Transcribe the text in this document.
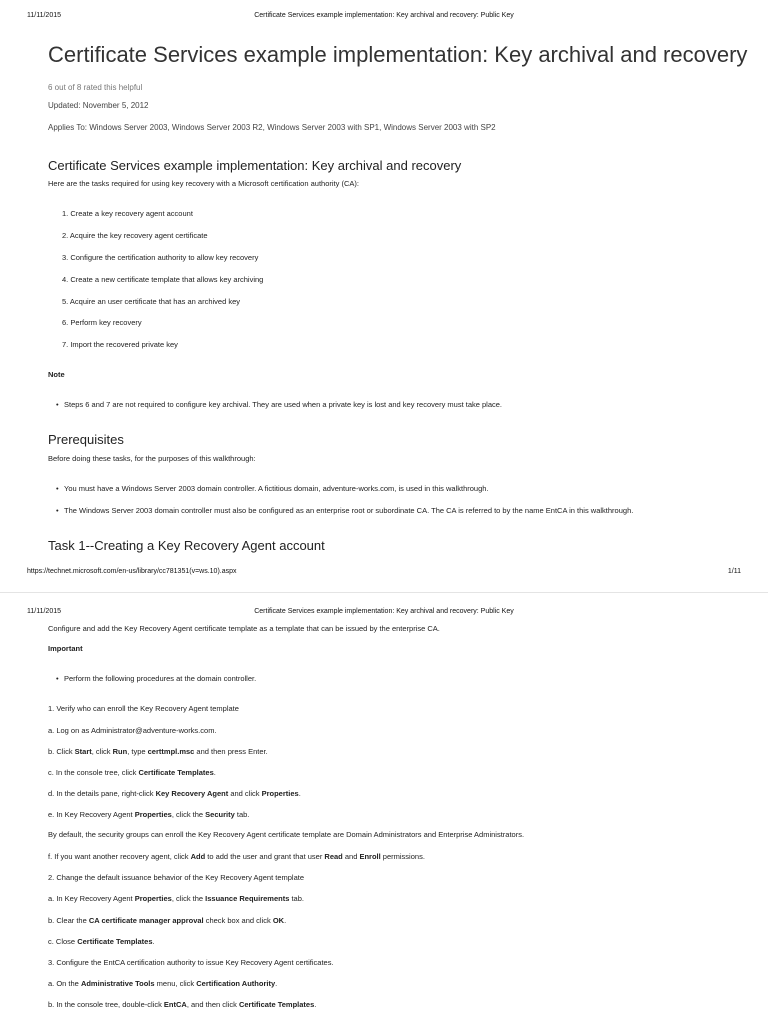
11/11/2015	Certificate Services example implementation: Key archival and recovery: Public Key
Certificate Services example implementation: Key archival and recovery
6 out of 8 rated this helpful
Updated: November 5, 2012
Applies To: Windows Server 2003, Windows Server 2003 R2, Windows Server 2003 with SP1, Windows Server 2003 with SP2
Certificate Services example implementation: Key archival and recovery
Here are the tasks required for using key recovery with a Microsoft certification authority (CA):
1. Create a key recovery agent account
2. Acquire the key recovery agent certificate
3. Configure the certification authority to allow key recovery
4. Create a new certificate template that allows key archiving
5. Acquire an user certificate that has an archived key
6. Perform key recovery
7. Import the recovered private key
Note
• Steps 6 and 7 are not required to configure key archival. They are used when a private key is lost and key recovery must take place.
Prerequisites
Before doing these tasks, for the purposes of this walkthrough:
• You must have a Windows Server 2003 domain controller. A fictitious domain, adventure-works.com, is used in this walkthrough.
• The Windows Server 2003 domain controller must also be configured as an enterprise root or subordinate CA. The CA is referred to by the name EntCA in this walkthrough.
Task 1--Creating a Key Recovery Agent account
https://technet.microsoft.com/en-us/library/cc781351(v=ws.10).aspx	1/11
11/11/2015	Certificate Services example implementation: Key archival and recovery: Public Key
Configure and add the Key Recovery Agent certificate template as a template that can be issued by the enterprise CA.
Important
• Perform the following procedures at the domain controller.
1. Verify who can enroll the Key Recovery Agent template
a. Log on as Administrator@adventure-works.com.
b. Click Start, click Run, type certtmpl.msc and then press Enter.
c. In the console tree, click Certificate Templates.
d. In the details pane, right-click Key Recovery Agent and click Properties.
e. In Key Recovery Agent Properties, click the Security tab.
By default, the security groups can enroll the Key Recovery Agent certificate template are Domain Administrators and Enterprise Administrators.
f. If you want another recovery agent, click Add to add the user and grant that user Read and Enroll permissions.
2. Change the default issuance behavior of the Key Recovery Agent template
a. In Key Recovery Agent Properties, click the Issuance Requirements tab.
b. Clear the CA certificate manager approval check box and click OK.
c. Close Certificate Templates.
3. Configure the EntCA certification authority to issue Key Recovery Agent certificates.
a. On the Administrative Tools menu, click Certification Authority.
b. In the console tree, double-click EntCA, and then click Certificate Templates.
